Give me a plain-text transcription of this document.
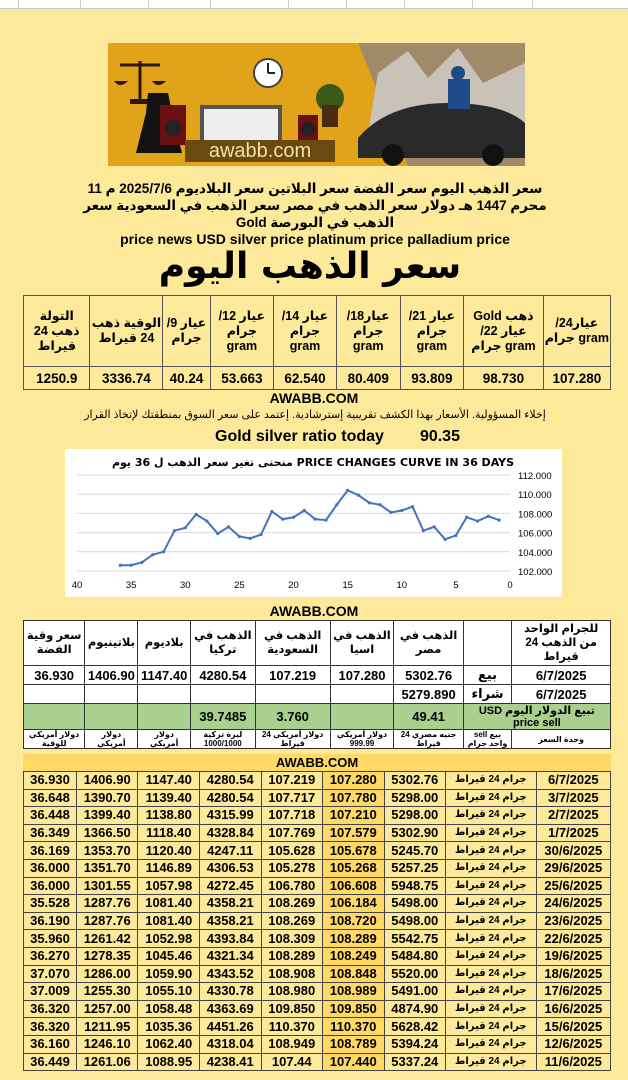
awabb.com
سعر الذهب اليوم سعر الفضة سعر البلاتين سعر البلاديوم 2025/7/6 م 11 محرم 1447 هـ دولار سعر الذهب في مصر سعر الذهب في السعودية سعر الذهب في البورصة Gold
price news USD silver price platinum price palladium price
سعر الذهب اليوم
التولة ذهب 24 قيراط	الوقية ذهب 24 قيراط	عيار 9/ جرام	عيار 12/ جرام gram	عيار 14/جرام gram	عيار18/ جرام gram	عيار 21/ جرام gram	Gold ذهب عيار 22/جرام gram	عيار24/جرام gram
1250.9	3336.74	40.24	53.663	62.540	80.409	93.809	98.730	107.280
AWABB.COM
إخلاء المسؤولية. الأسعار بهذا الكشف تقريبية إسترشادية. إعتمد على سعر السوق بمنطقتك لإتخاذ القرار
Gold silver ratio today 90.35
منحنى تغير سعر الذهب ل 36 يوم PRICE CHANGES CURVE IN 36 DAYS
102.000
104.000
106.000
108.000
110.000
112.000
40	35	30	25	20	15	10	5	0
AWABB.COM
سعر وقية الفضة	بلاتينيوم	بلاديوم	الذهب في تركيا	الذهب في السعودية	الذهب في اسيا	الذهب في مصر		للجرام الواحد من الذهب 24 قيراط
36.930	1406.90	1147.40	4280.54	107.219	107.280	5302.76	بيع	6/7/2025
						5279.890	شراء	6/7/2025
			39.7485	3.760		49.41	تبيع الدولار اليوم USD price sell	
دولار أمريكي للوقية	دولار أمريكي	دولار أمريكي	ليرة تركية 1000/1000	دولار أمريكي 24 قيراط	دولار أمريكي 999.99	جنيه مصري 24 قيراط	بيع sell واحد جرام	وحدة السعر
AWABB.COM
36.930	1406.90	1147.40	4280.54	107.219	107.280	5302.76	جرام 24 قيراط	6/7/2025
36.648	1390.70	1139.40	4280.54	107.717	107.780	5298.00	جرام 24 قيراط	3/7/2025
36.448	1399.40	1138.80	4315.99	107.718	107.210	5298.00	جرام 24 قيراط	2/7/2025
36.349	1366.50	1118.40	4328.84	107.769	107.579	5302.90	جرام 24 قيراط	1/7/2025
36.169	1353.70	1120.40	4247.11	105.628	105.678	5245.70	جرام 24 قيراط	30/6/2025
36.000	1351.70	1146.89	4306.53	105.278	105.268	5257.25	جرام 24 قيراط	29/6/2025
36.000	1301.55	1057.98	4272.45	106.780	106.608	5948.75	جرام 24 قيراط	25/6/2025
35.528	1287.76	1081.40	4358.21	108.269	106.184	5498.00	جرام 24 قيراط	24/6/2025
36.190	1287.76	1081.40	4358.21	108.269	108.720	5498.00	جرام 24 قيراط	23/6/2025
35.960	1261.42	1052.98	4393.84	108.309	108.289	5542.75	جرام 24 قيراط	22/6/2025
36.270	1278.35	1045.46	4321.34	108.289	108.249	5484.80	جرام 24 قيراط	19/6/2025
37.070	1286.00	1059.90	4343.52	108.908	108.848	5520.00	جرام 24 قيراط	18/6/2025
37.009	1255.30	1055.10	4330.78	108.980	108.989	5491.00	جرام 24 قيراط	17/6/2025
36.320	1257.00	1058.48	4363.69	109.850	109.850	4874.90	جرام 24 قيراط	16/6/2025
36.320	1211.95	1035.36	4451.26	110.370	110.370	5628.42	جرام 24 قيراط	15/6/2025
36.160	1246.10	1062.40	4318.04	108.949	108.789	5394.24	جرام 24 قيراط	12/6/2025
36.449	1261.06	1088.95	4238.41	107.44	107.440	5337.24	جرام 24 قيراط	11/6/2025
